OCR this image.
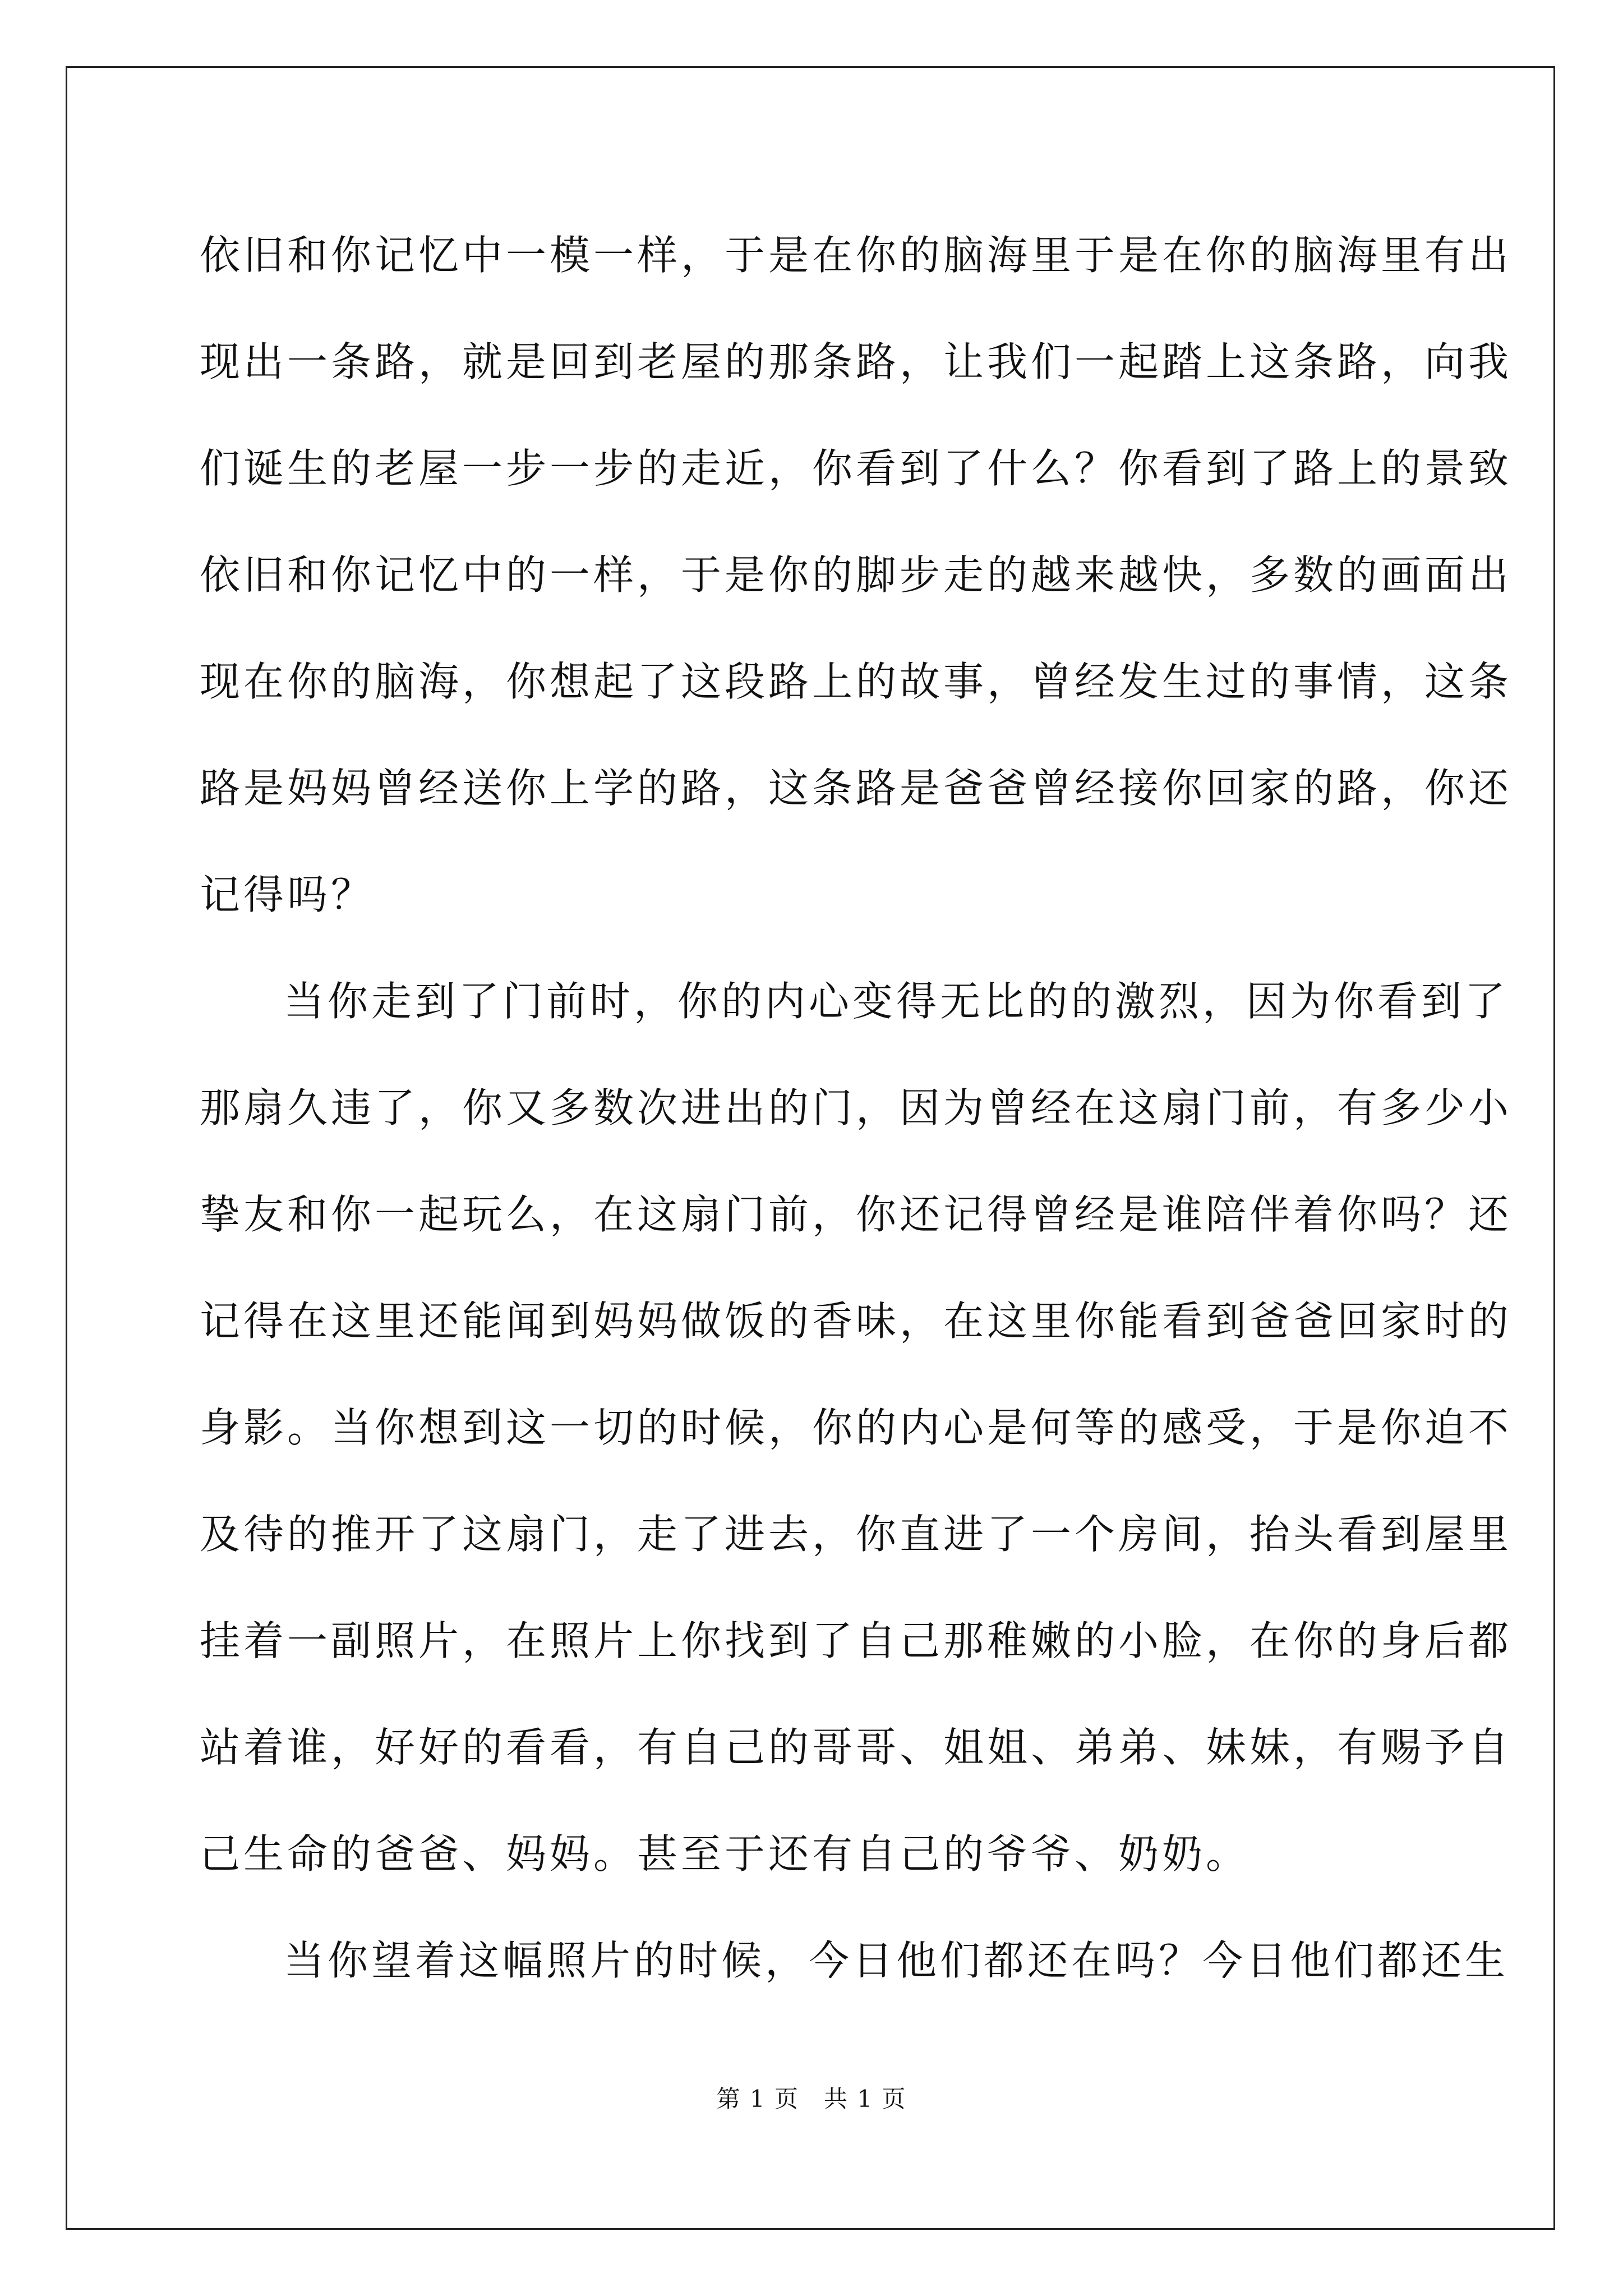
依旧和你记忆中一模一样，于是在你的脑海里于是在你的脑海里有出
现出一条路，就是回到老屋的那条路，让我们一起踏上这条路，向我
们诞生的老屋一步一步的走近，你看到了什么？你看到了路上的景致
依旧和你记忆中的一样，于是你的脚步走的越来越快，多数的画面出
现在你的脑海，你想起了这段路上的故事，曾经发生过的事情，这条
路是妈妈曾经送你上学的路，这条路是爸爸曾经接你回家的路，你还
记得吗？
当你走到了门前时，你的内心变得无比的的激烈，因为你看到了
那扇久违了，你又多数次进出的门，因为曾经在这扇门前，有多少小
挚友和你一起玩么，在这扇门前，你还记得曾经是谁陪伴着你吗？还
记得在这里还能闻到妈妈做饭的香味，在这里你能看到爸爸回家时的
身影。当你想到这一切的时候，你的内心是何等的感受，于是你迫不
及待的推开了这扇门，走了进去，你直进了一个房间，抬头看到屋里
挂着一副照片，在照片上你找到了自己那稚嫩的小脸，在你的身后都
站着谁，好好的看看，有自己的哥哥、姐姐、弟弟、妹妹，有赐予自
己生命的爸爸、妈妈。甚至于还有自己的爷爷、奶奶。
当你望着这幅照片的时候，今日他们都还在吗？今日他们都还生
第 1 页　共 1 页
